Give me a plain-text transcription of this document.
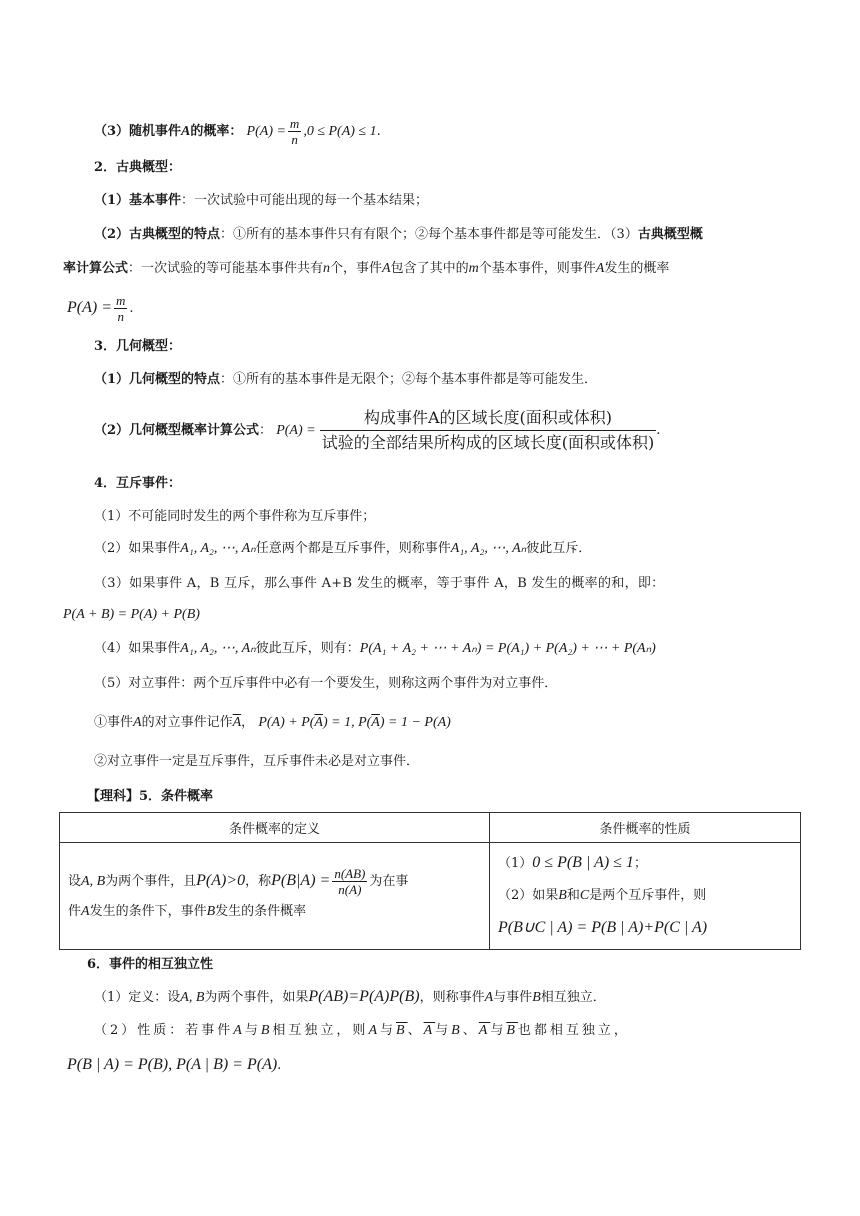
（3）随机事件A的概率： $P(A) = \frac{m}{n} ,0 \le P(A) \le 1$.
2．古典概型：
（1）基本事件：一次试验中可能出现的每一个基本结果；
（2）古典概型的特点：①所有的基本事件只有有限个；②每个基本事件都是等可能发生．（3）古典概型概
率计算公式：一次试验的等可能基本事件共有n个，事件A包含了其中的m个基本事件，则事件A发生的概率
$P(A) = \frac{m}{n}$ .
3．几何概型：
（1）几何概型的特点：①所有的基本事件是无限个；②每个基本事件都是等可能发生．
（2）几何概型概率计算公式： P(A) =
构成事件A的区域长度(面积或体积)
试验的全部结果所构成的区域长度(面积或体积)
.
4．互斥事件：
（1）不可能同时发生的两个事件称为互斥事件；
（2）如果事件A₁, A₂, ⋯, Aₙ任意两个都是互斥事件，则称事件A₁, A₂, ⋯, Aₙ彼此互斥．
（3）如果事件 A，B 互斥，那么事件 A+B 发生的概率，等于事件 A，B 发生的概率的和，即：
P(A + B) = P(A) + P(B)
（4）如果事件A₁, A₂, ⋯, Aₙ彼此互斥，则有：P(A₁ + A₂ + ⋯ + Aₙ) = P(A₁) + P(A₂) + ⋯ + P(Aₙ)
（5）对立事件：两个互斥事件中必有一个要发生，则称这两个事件为对立事件．
①事件A的对立事件记作$\overline{A}$， $P(A) + P(\overline{A}) = 1$, $P(\overline{A}) = 1 - P(A)$
②对立事件一定是互斥事件，互斥事件未必是对立事件．
【理科】5．条件概率
条件概率的定义	条件概率的性质
设A, B为两个事件，且P(A)>0，称$P(B|A) = \frac{n(AB)}{n(A)}$ 为在事
件A发生的条件下，事件B发生的条件概率	（1）0 ≤ P(B | A) ≤ 1；
（2）如果B和C是两个互斥事件，则
P(B∪C | A) = P(B | A)+P(C | A)
6．事件的相互独立性
（1）定义：设A, B为两个事件，如果P(AB)=P(A)P(B)，则称事件A与事件B相互独立．
（2）性质：若事件A与B相互独立，则A与$\overline{B}$、$\overline{A}$与B、$\overline{A}$与$\overline{B}$也都相互独立，
P(B | A) = P(B), P(A | B) = P(A).
